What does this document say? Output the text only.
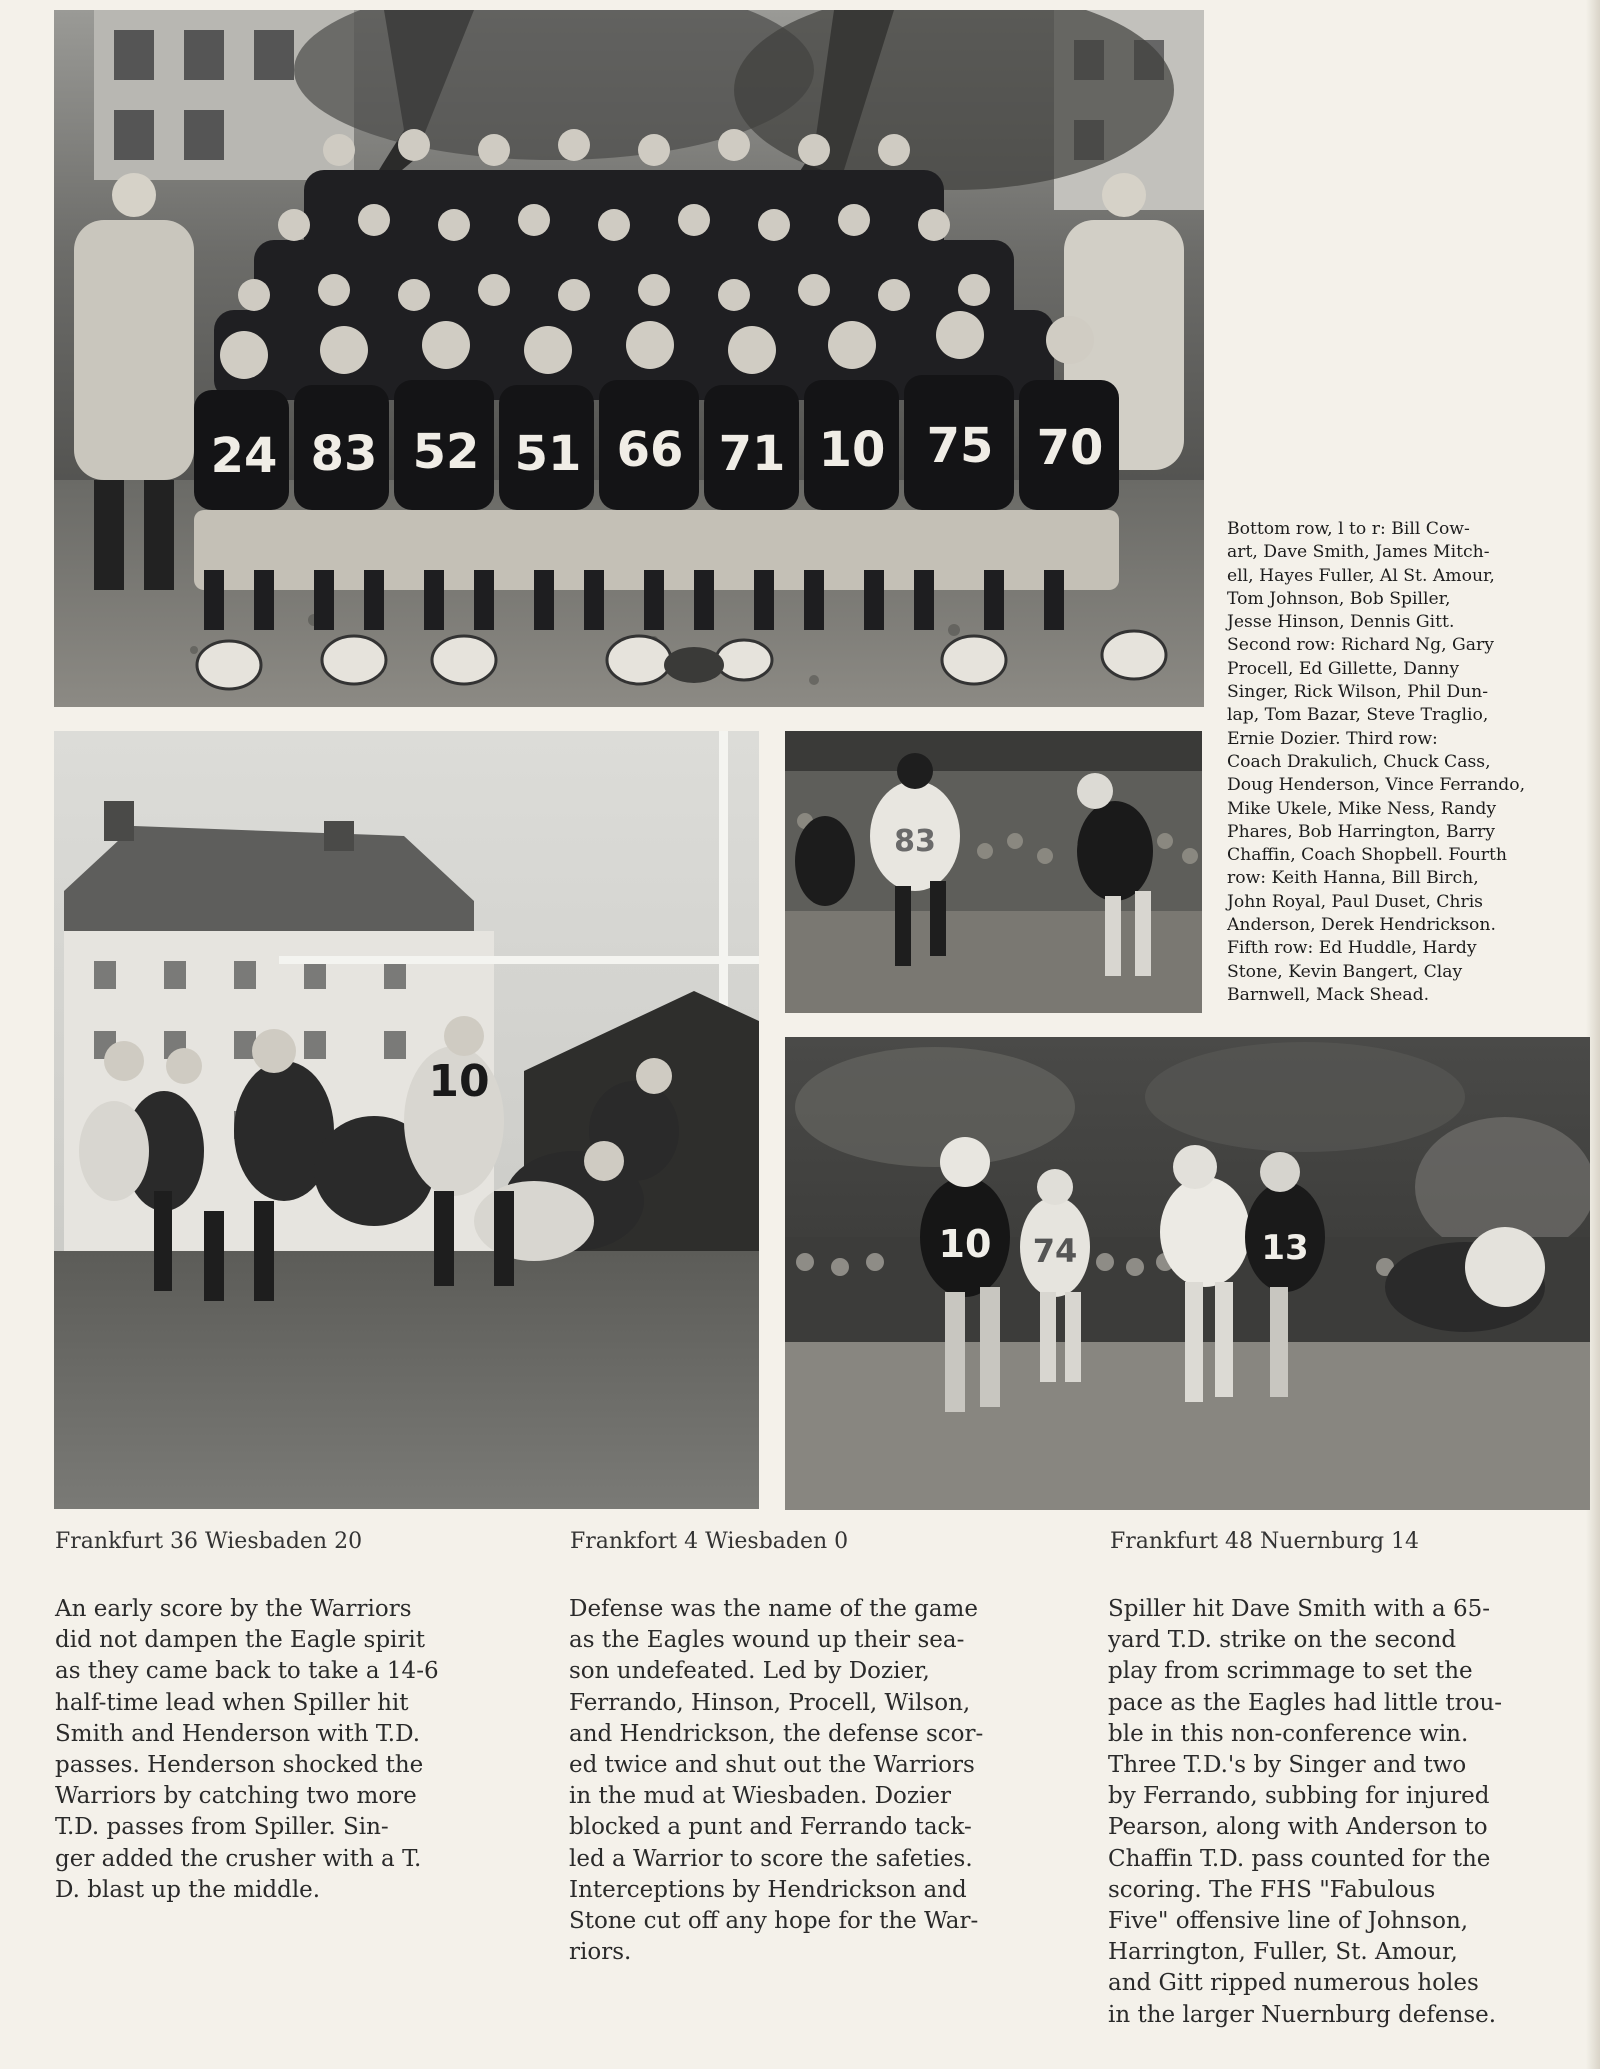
24 83 52 51 66 71 10 75 70
10
83
10	13
74
Bottom row, l to r: Bill Cow-
art, Dave Smith, James Mitch-
ell, Hayes Fuller, Al St. Amour,
Tom Johnson, Bob Spiller,
Jesse Hinson, Dennis Gitt.
Second row: Richard Ng, Gary
Procell, Ed Gillette, Danny
Singer, Rick Wilson, Phil Dun-
lap, Tom Bazar, Steve Traglio,
Ernie Dozier. Third row:
Coach Drakulich, Chuck Cass,
Doug Henderson, Vince Ferrando,
Mike Ukele, Mike Ness, Randy
Phares, Bob Harrington, Barry
Chaffin, Coach Shopbell. Fourth
row: Keith Hanna, Bill Birch,
John Royal, Paul Duset, Chris
Anderson, Derek Hendrickson.
Fifth row: Ed Huddle, Hardy
Stone, Kevin Bangert, Clay
Barnwell, Mack Shead.
Frankfurt 36 Wiesbaden 20	Frankfort 4 Wiesbaden 0	Frankfurt 48 Nuernburg 14
An early score by the Warriors
did not dampen the Eagle spirit
as they came back to take a 14-6
half-time lead when Spiller hit
Smith and Henderson with T.D.
passes. Henderson shocked the
Warriors by catching two more
T.D. passes from Spiller. Sin-
ger added the crusher with a T.
D. blast up the middle.
Defense was the name of the game
as the Eagles wound up their sea-
son undefeated. Led by Dozier,
Ferrando, Hinson, Procell, Wilson,
and Hendrickson, the defense scor-
ed twice and shut out the Warriors
in the mud at Wiesbaden. Dozier
blocked a punt and Ferrando tack-
led a Warrior to score the safeties.
Interceptions by Hendrickson and
Stone cut off any hope for the War-
riors.
Spiller hit Dave Smith with a 65-
yard T.D. strike on the second
play from scrimmage to set the
pace as the Eagles had little trou-
ble in this non-conference win.
Three T.D.'s by Singer and two
by Ferrando, subbing for injured
Pearson, along with Anderson to
Chaffin T.D. pass counted for the
scoring. The FHS "Fabulous
Five" offensive line of Johnson,
Harrington, Fuller, St. Amour,
and Gitt ripped numerous holes
in the larger Nuernburg defense.
